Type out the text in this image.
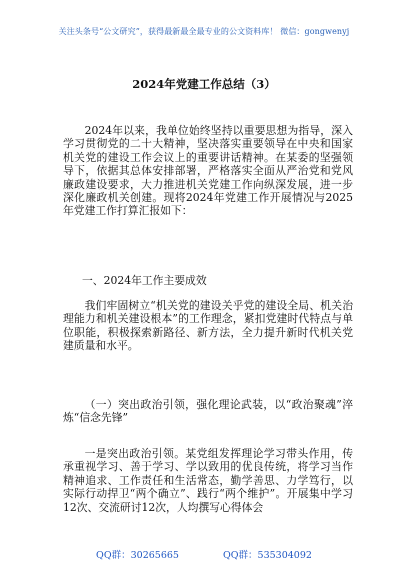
关注头条号“公文研究”，获得最新最全最专业的公文资料库！ 微信：gongwenyj
2024年党建工作总结（3）
2024年以来，我单位始终坚持以重要思想为指导，深入学习贯彻党的二十大精神，坚决落实重要领导在中央和国家机关党的建设工作会议上的重要讲话精神。在某委的坚强领导下，依据其总体安排部署，严格落实全面从严治党和党风廉政建设要求，大力推进机关党建工作向纵深发展，进一步深化廉政机关创建。现将2024年党建工作开展情况与2025年党建工作打算汇报如下：
一、2024年工作主要成效
我们牢固树立“机关党的建设关乎党的建设全局、机关治理能力和机关建设根本”的工作理念，紧扣党建时代特点与单位职能，积极探索新路径、新方法，全力提升新时代机关党建质量和水平。
（一）突出政治引领，强化理论武装，以“政治聚魂”淬炼“信念先锋”
一是突出政治引领。某党组发挥理论学习带头作用，传承重视学习、善于学习、学以致用的优良传统，将学习当作精神追求、工作责任和生活常态，勤学善思、力学笃行，以实际行动捍卫“两个确立”、践行“两个维护”。开展集中学习12次、交流研讨12次，人均撰写心得体会
QQ群：30265665	QQ群：535304092
